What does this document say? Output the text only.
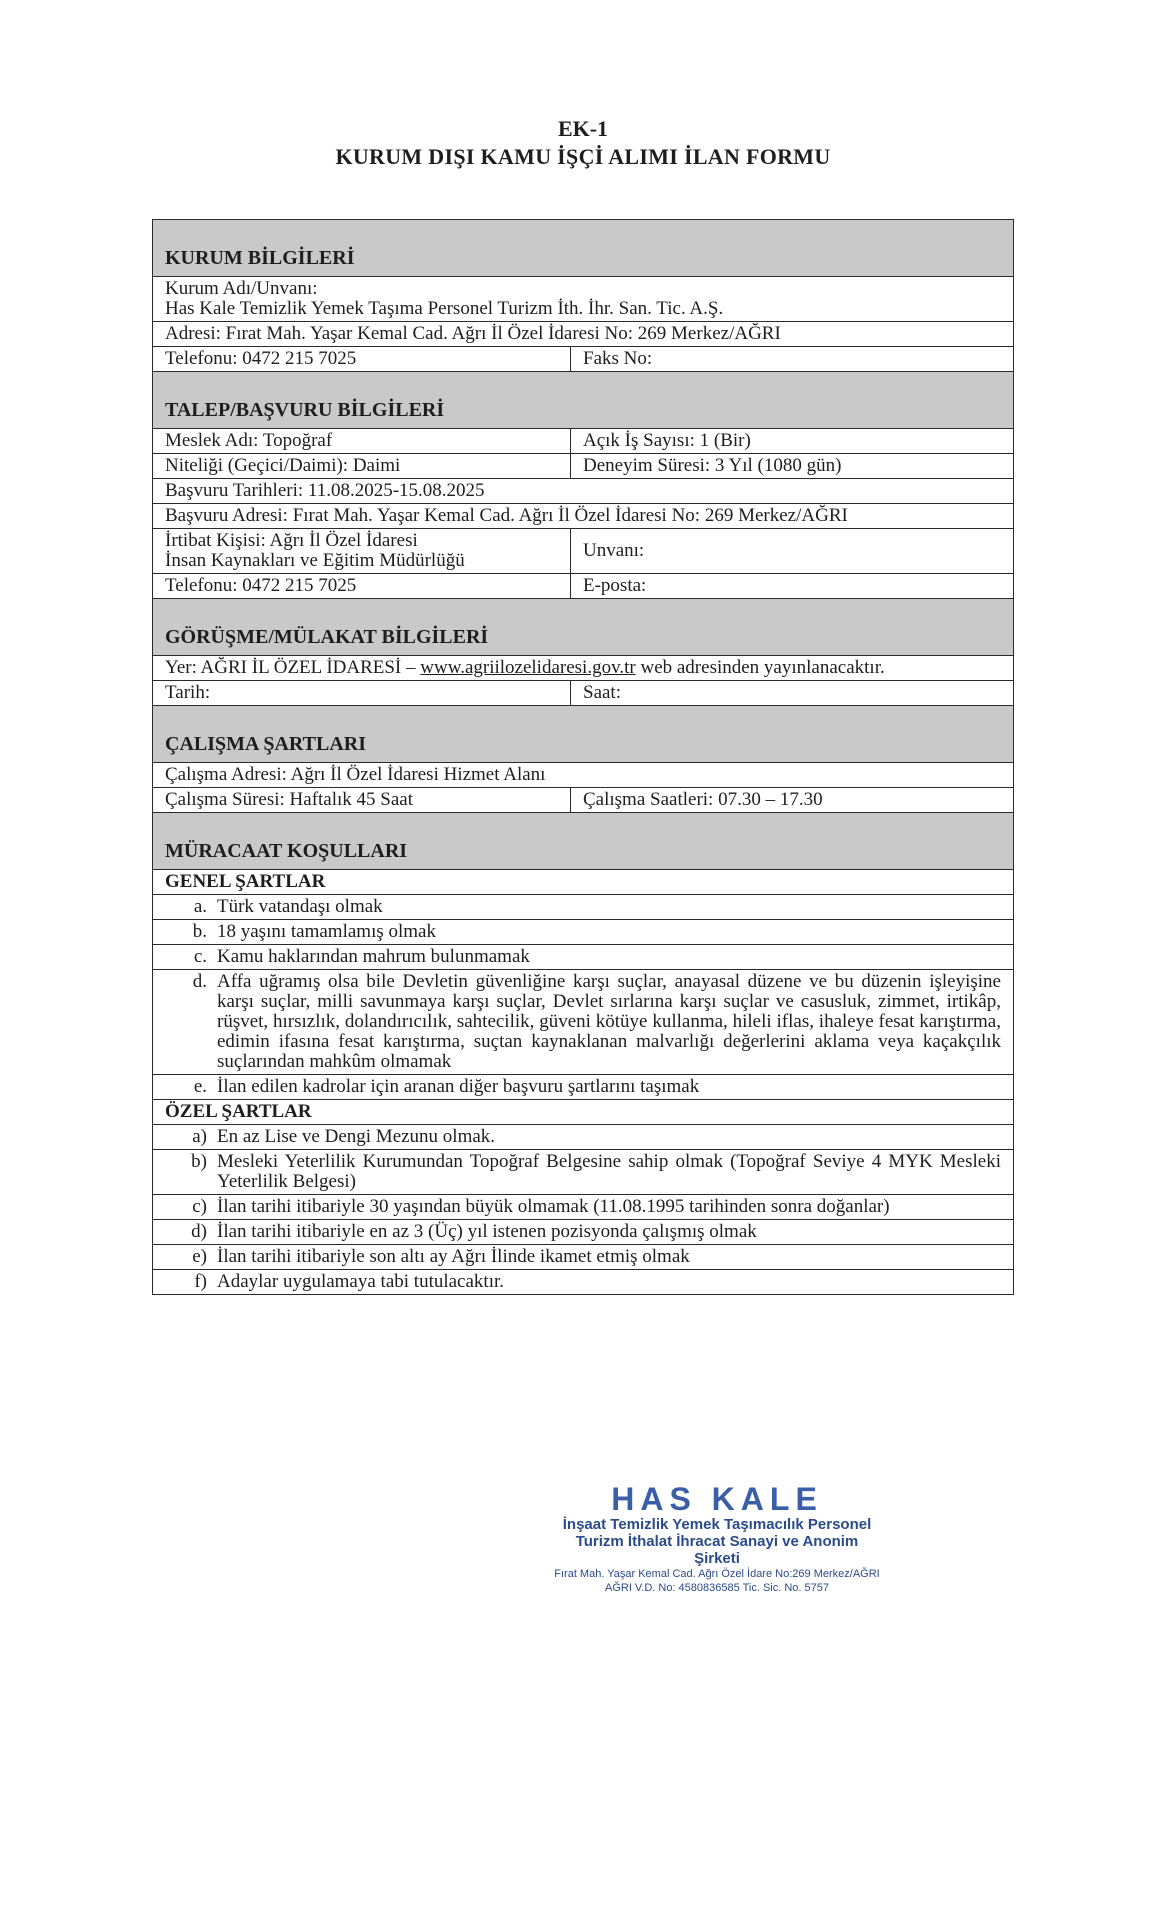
EK-1
KURUM DIŞI KAMU İŞÇİ ALIMI İLAN FORMU
KURUM BİLGİLERİ
Kurum Adı/Unvanı:
Has Kale Temizlik Yemek Taşıma Personel Turizm İth. İhr. San. Tic. A.Ş.
Adresi: Fırat Mah. Yaşar Kemal Cad. Ağrı İl Özel İdaresi No: 269 Merkez/AĞRI
Telefonu: 0472 215 7025	Faks No:
TALEP/BAŞVURU BİLGİLERİ
Meslek Adı: Topoğraf	Açık İş Sayısı: 1 (Bir)
Niteliği (Geçici/Daimi): Daimi	Deneyim Süresi: 3 Yıl (1080 gün)
Başvuru Tarihleri: 11.08.2025-15.08.2025
Başvuru Adresi: Fırat Mah. Yaşar Kemal Cad. Ağrı İl Özel İdaresi No: 269 Merkez/AĞRI
İrtibat Kişisi: Ağrı İl Özel İdaresi
İnsan Kaynakları ve Eğitim Müdürlüğü	Unvanı:
Telefonu: 0472 215 7025	E-posta:
GÖRÜŞME/MÜLAKAT BİLGİLERİ
Yer: AĞRI İL ÖZEL İDARESİ – www.agriilozelidaresi.gov.tr web adresinden yayınlanacaktır.
Tarih:	Saat:
ÇALIŞMA ŞARTLARI
Çalışma Adresi: Ağrı İl Özel İdaresi Hizmet Alanı
Çalışma Süresi: Haftalık 45 Saat	Çalışma Saatleri: 07.30 – 17.30
MÜRACAAT KOŞULLARI
GENEL ŞARTLAR
a. Türk vatandaşı olmak
b. 18 yaşını tamamlamış olmak
c. Kamu haklarından mahrum bulunmamak
d. Affa uğramış olsa bile Devletin güvenliğine karşı suçlar, anayasal düzene ve bu düzenin işleyişine karşı suçlar, milli savunmaya karşı suçlar, Devlet sırlarına karşı suçlar ve casusluk, zimmet, irtikâp, rüşvet, hırsızlık, dolandırıcılık, sahtecilik, güveni kötüye kullanma, hileli iflas, ihaleye fesat karıştırma, edimin ifasına fesat karıştırma, suçtan kaynaklanan malvarlığı değerlerini aklama veya kaçakçılık suçlarından mahkûm olmamak
e. İlan edilen kadrolar için aranan diğer başvuru şartlarını taşımak
ÖZEL ŞARTLAR
a) En az Lise ve Dengi Mezunu olmak.
b) Mesleki Yeterlilik Kurumundan Topoğraf Belgesine sahip olmak (Topoğraf Seviye 4 MYK Mesleki Yeterlilik Belgesi)
c) İlan tarihi itibariyle 30 yaşından büyük olmamak (11.08.1995 tarihinden sonra doğanlar)
d) İlan tarihi itibariyle en az 3 (Üç) yıl istenen pozisyonda çalışmış olmak
e) İlan tarihi itibariyle son altı ay Ağrı İlinde ikamet etmiş olmak
f) Adaylar uygulamaya tabi tutulacaktır.
HAS KALE
İnşaat Temizlik Yemek Taşımacılık Personel
Turizm İthalat İhracat Sanayi ve Anonim Şirketi
Fırat Mah. Yaşar Kemal Cad. Ağrı Özel İdare No:269 Merkez/AĞRI
AĞRI V.D. No: 4580836585 Tic. Sic. No. 5757
